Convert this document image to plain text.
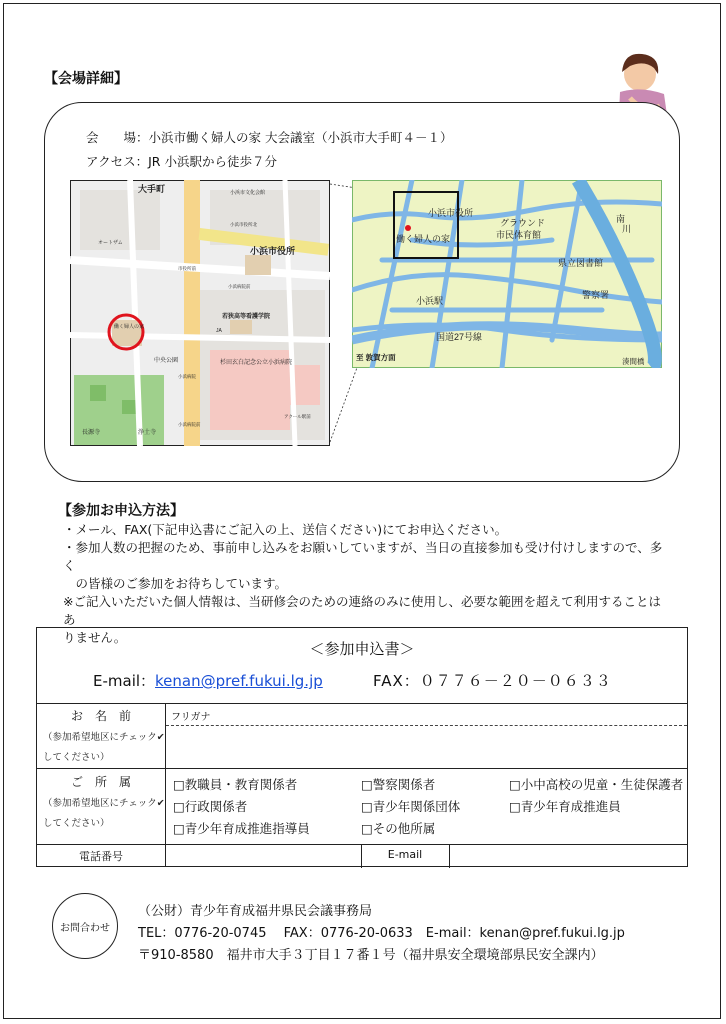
【会場詳細】
会　　場：小浜市働く婦人の家 大会議室（小浜市大手町４－１）
アクセス：JR 小浜駅から徒歩７分
大手町	小浜市文化会館
小浜市役所
若狭高等看護学院
働く婦人の家
中央公園	杉田玄白記念公立小浜病院
長源寺	浄土寺
オートザム
JA
市役所前
小浜病院前
小浜市役所北
小浜病院
アクール駅前
小浜病院前
小浜市役所
グラウンド
市民体育館
働く婦人の家
南
川
県立図書館
警察署
小浜駅
国道27号線
至 敦賀方面	湊間橋
【参加お申込方法】

・メール、FAX(下記申込書にご記入の上、送信ください)にてお申込ください。

・参加人数の把握のため、事前申し込みをお願いしていますが、当日の直接参加も受け付けしますので、多く

　の皆様のご参加をお待ちしています。

※ご記入いただいた個人情報は、当研修会のための連絡のみに使用し、必要な範囲を超えて利用することはあ

りません。

＜参加申込書＞
E-mail：kenan@pref.fukui.lg.jp	FAX：０７７６－２０－０６３３
お　名　前
（参加希望地区にチェック✔
してください）
フリガナ
ご　所　属
（参加希望地区にチェック✔
してください）
□教職員・教育関係者	□警察関係者	□小中高校の児童・生徒保護者
□行政関係者	□青少年関係団体	□青少年育成推進員
□青少年育成推進指導員	□その他所属
電話番号	E-mail
お問合わせ
（公財）青少年育成福井県民会議事務局
TEL：0776-20-0745　 FAX：0776-20-0633　E-mail：kenan@pref.fukui.lg.jp
〒910-8580　福井市大手３丁目１７番１号（福井県安全環境部県民安全課内）
